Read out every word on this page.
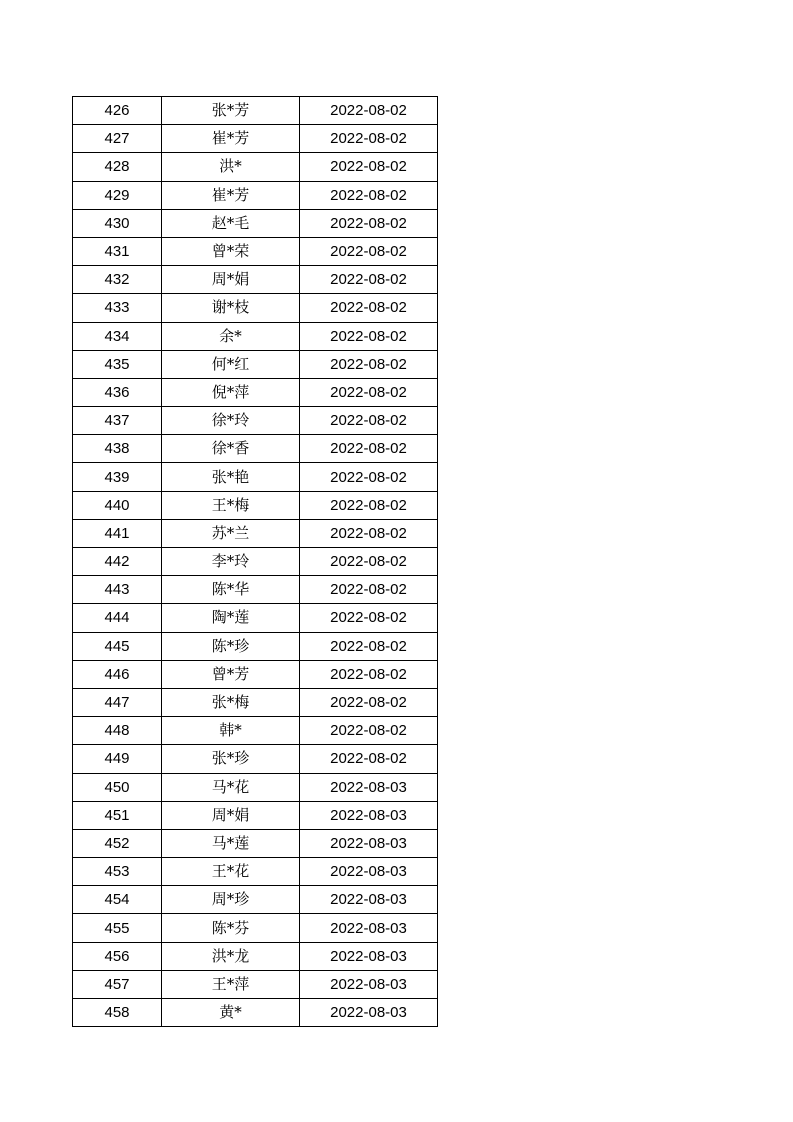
426	张*芳	2022-08-02
427	崔*芳	2022-08-02
428	洪*	2022-08-02
429	崔*芳	2022-08-02
430	赵*毛	2022-08-02
431	曾*荣	2022-08-02
432	周*娟	2022-08-02
433	谢*枝	2022-08-02
434	余*	2022-08-02
435	何*红	2022-08-02
436	倪*萍	2022-08-02
437	徐*玲	2022-08-02
438	徐*香	2022-08-02
439	张*艳	2022-08-02
440	王*梅	2022-08-02
441	苏*兰	2022-08-02
442	李*玲	2022-08-02
443	陈*华	2022-08-02
444	陶*莲	2022-08-02
445	陈*珍	2022-08-02
446	曾*芳	2022-08-02
447	张*梅	2022-08-02
448	韩*	2022-08-02
449	张*珍	2022-08-02
450	马*花	2022-08-03
451	周*娟	2022-08-03
452	马*莲	2022-08-03
453	王*花	2022-08-03
454	周*珍	2022-08-03
455	陈*芬	2022-08-03
456	洪*龙	2022-08-03
457	王*萍	2022-08-03
458	黄*	2022-08-03
